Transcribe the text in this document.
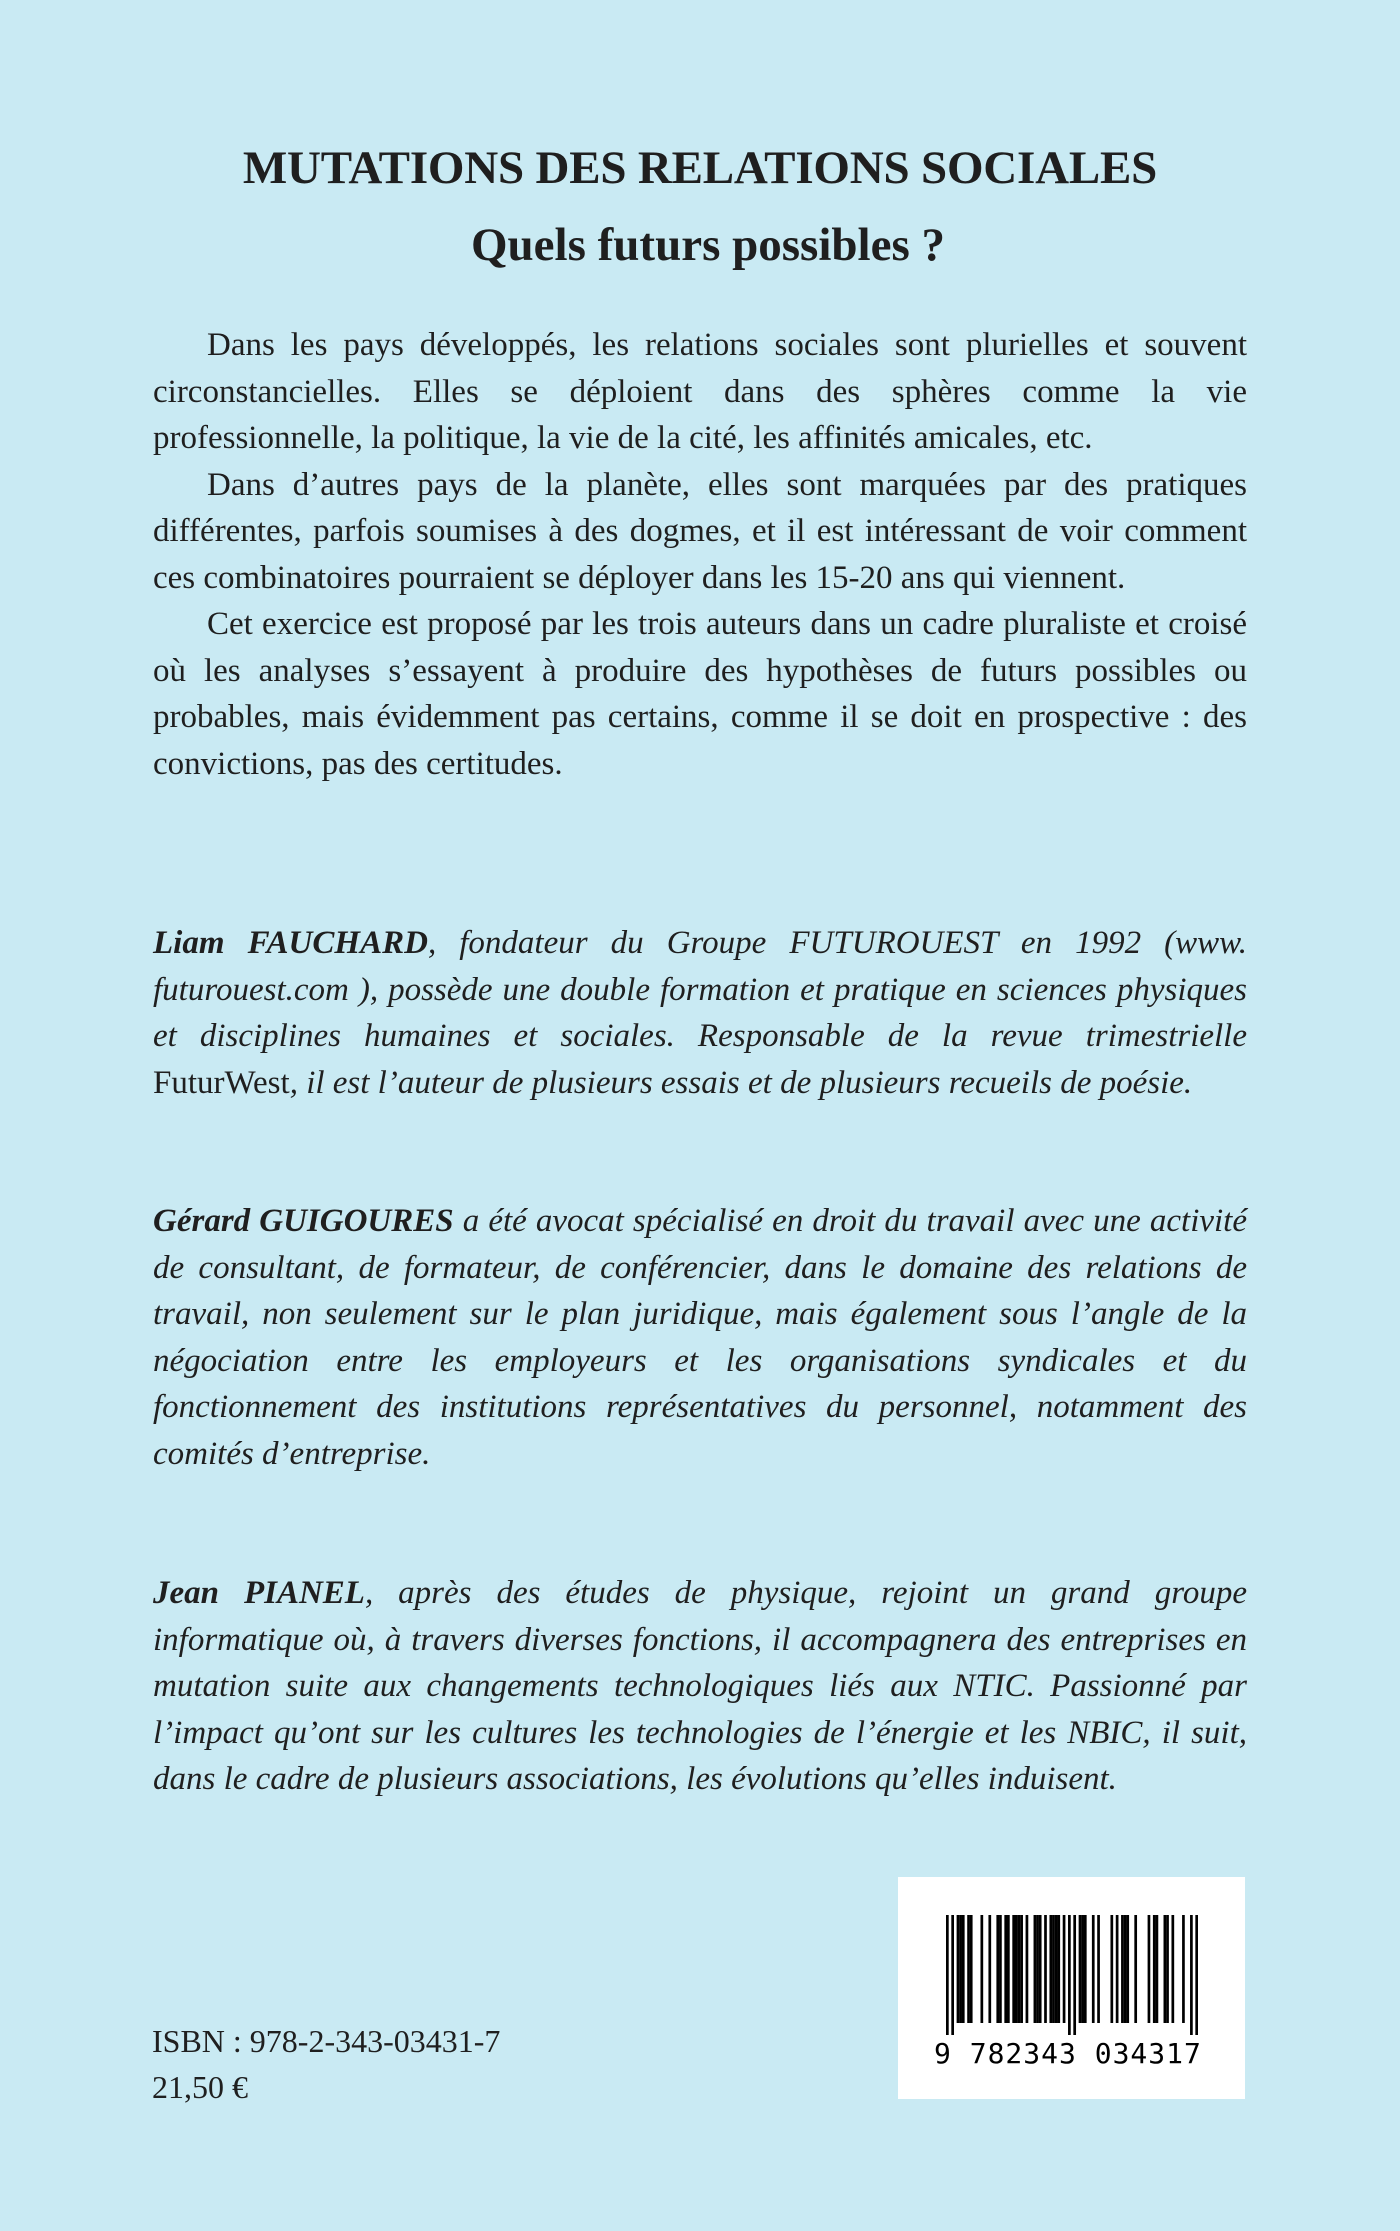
MUTATIONS DES RELATIONS SOCIALES
Quels futurs possibles ?

Dans les pays développés, les relations sociales sont plurielles et souvent circonstancielles. Elles se déploient dans des sphères comme la vie professionnelle, la politique, la vie de la cité, les affinités amicales, etc.

Dans d’autres pays de la planète, elles sont marquées par des pratiques différentes, parfois soumises à des dogmes, et il est intéressant de voir comment ces combinatoires pourraient se déployer dans les 15-20 ans qui viennent.

Cet exercice est proposé par les trois auteurs dans un cadre pluraliste et croisé où les analyses s’essayent à produire des hypothèses de futurs possibles ou probables, mais évidemment pas certains, comme il se doit en prospective : des convictions, pas des certitudes.

Liam FAUCHARD, fondateur du Groupe FUTUROUEST en 1992 (www. futurouest.com ), possède une double formation et pratique en sciences physiques et disciplines humaines et sociales. Responsable de la revue trimestrielle FuturWest, il est l’auteur de plusieurs essais et de plusieurs recueils de poésie.

Gérard GUIGOURES a été avocat spécialisé en droit du travail avec une activité de consultant, de formateur, de conférencier, dans le domaine des relations de travail, non seulement sur le plan juridique, mais également sous l’angle de la négociation entre les employeurs et les organisations syndicales et du fonctionnement des institutions représentatives du personnel, notamment des comités d’entreprise.

Jean PIANEL, après des études de physique, rejoint un grand groupe informatique où, à travers diverses fonctions, il accompagnera des entreprises en mutation suite aux changements technologiques liés aux NTIC. Passionné par l’impact qu’ont sur les cultures les technologies de l’énergie et les NBIC, il suit, dans le cadre de plusieurs associations, les évolutions qu’elles induisent.

ISBN : 978-2-343-03431-7
21,50 €
9 782343 034317
